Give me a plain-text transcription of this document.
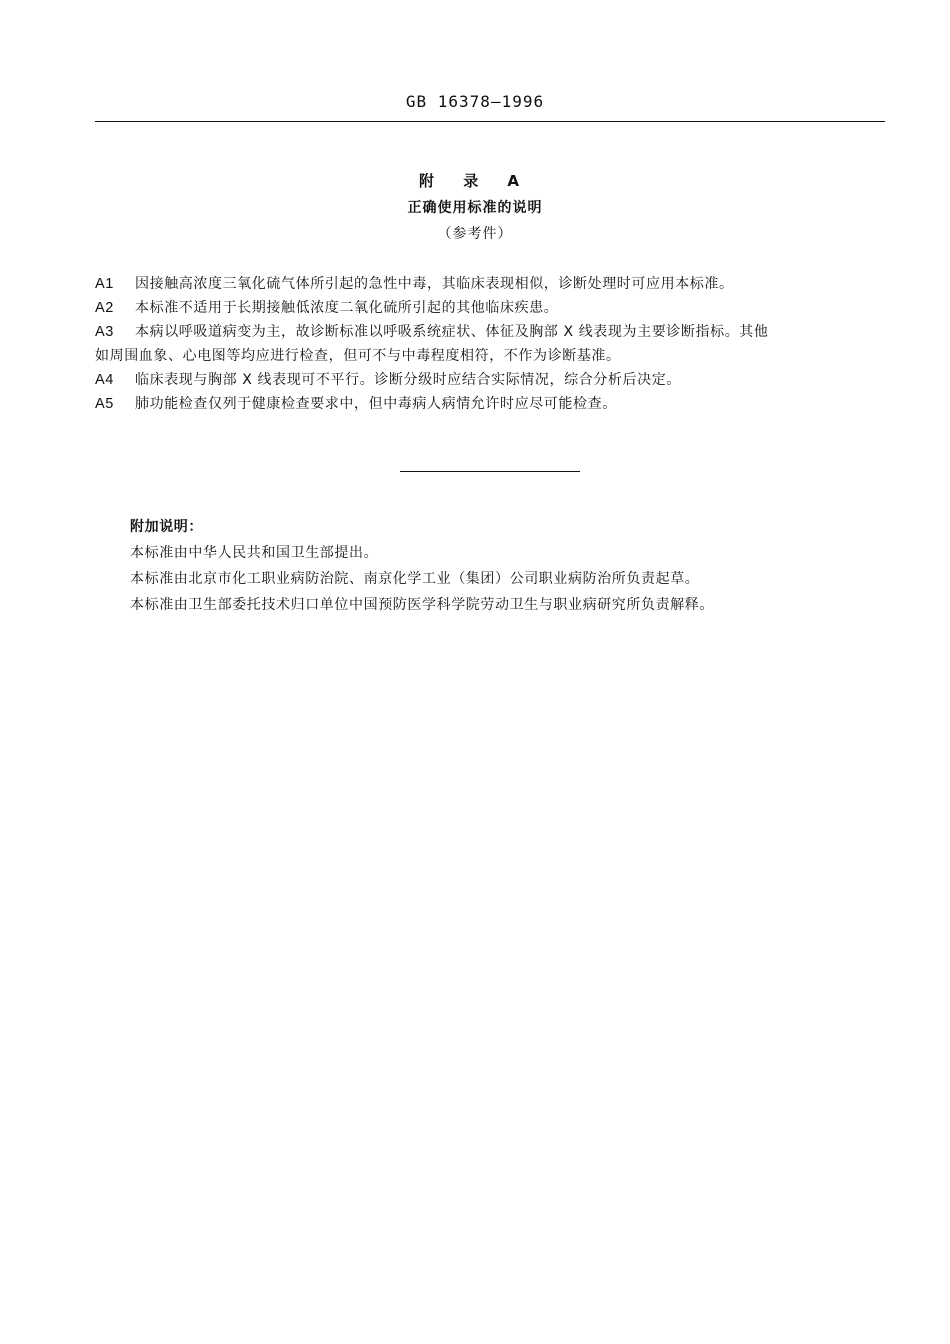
GB 16378—1996
附 录 A
正确使用标准的说明
（参考件）

A1 因接触高浓度三氧化硫气体所引起的急性中毒，其临床表现相似，诊断处理时可应用本标准。

A2 本标准不适用于长期接触低浓度二氧化硫所引起的其他临床疾患。

A3 本病以呼吸道病变为主，故诊断标准以呼吸系统症状、体征及胸部 X 线表现为主要诊断指标。其他
如周围血象、心电图等均应进行检查，但可不与中毒程度相符，不作为诊断基准。

A4 临床表现与胸部 X 线表现可不平行。诊断分级时应结合实际情况，综合分析后决定。

A5 肺功能检查仅列于健康检查要求中，但中毒病人病情允许时应尽可能检查。

附加说明：
本标准由中华人民共和国卫生部提出。
本标准由北京市化工职业病防治院、南京化学工业（集团）公司职业病防治所负责起草。
本标准由卫生部委托技术归口单位中国预防医学科学院劳动卫生与职业病研究所负责解释。
